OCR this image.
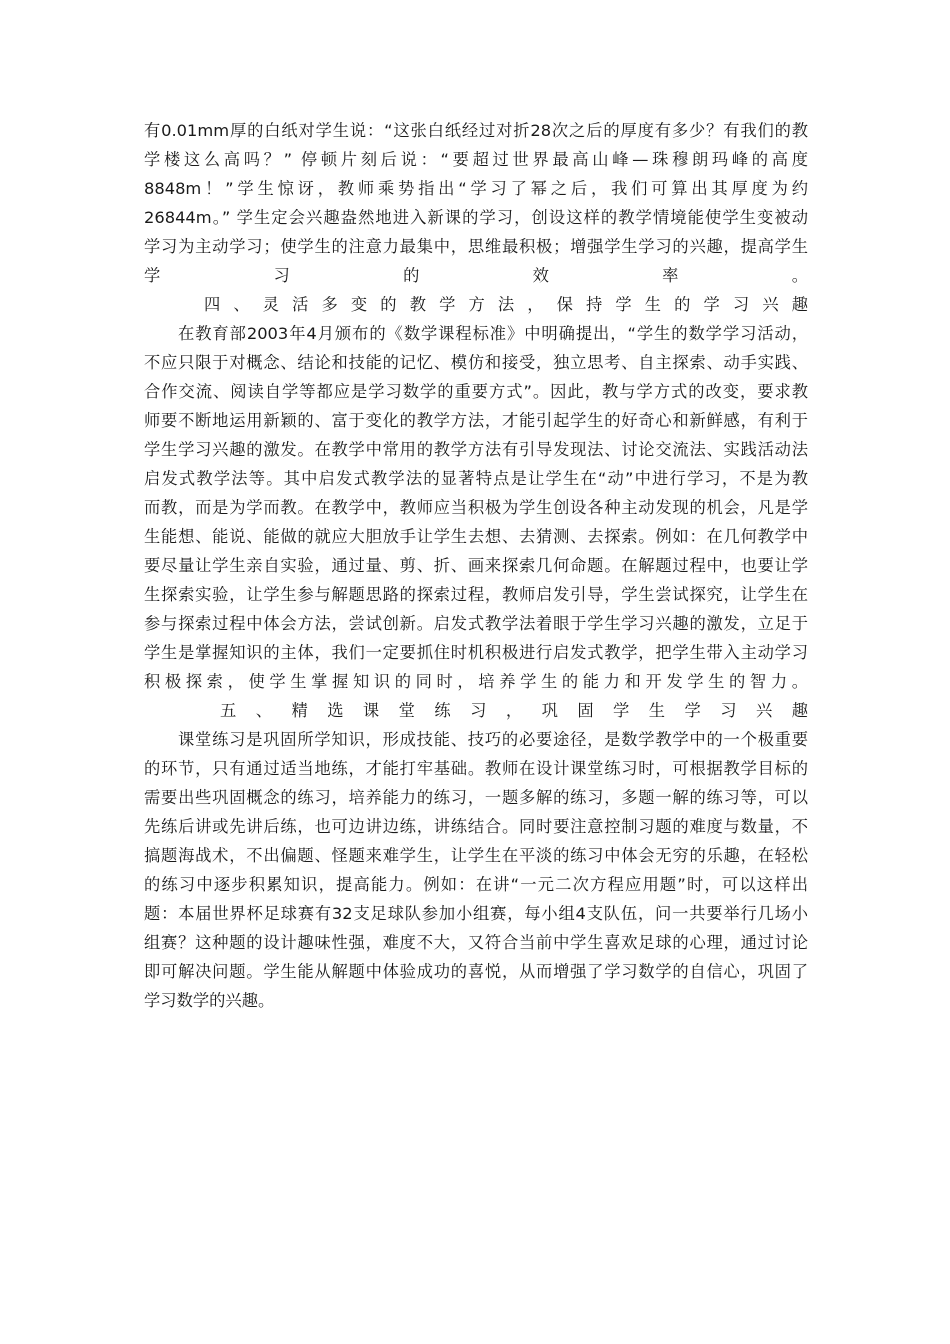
有0.01mm厚的白纸对学生说：“这张白纸经过对折28次之后的厚度有多少？有我们的教
学楼这么高吗？” 停顿片刻后说：“要超过世界最高山峰—珠穆朗玛峰的高度
8848m！”学生惊讶，教师乘势指出“学习了幂之后，我们可算出其厚度为约
26844m。” 学生定会兴趣盎然地进入新课的学习，创设这样的教学情境能使学生变被动
学习为主动学习；使学生的注意力最集中，思维最积极；增强学生学习的兴趣，提高学生
学 习 的 效 率 。
四、灵活多变的教学方法，保持学生的学习兴趣
在教育部2003年4月颁布的《数学课程标准》中明确提出，“学生的数学学习活动，
不应只限于对概念、结论和技能的记忆、模仿和接受，独立思考、自主探索、动手实践、
合作交流、阅读自学等都应是学习数学的重要方式”。因此，教与学方式的改变，要求教
师要不断地运用新颖的、富于变化的教学方法，才能引起学生的好奇心和新鲜感，有利于
学生学习兴趣的激发。在教学中常用的教学方法有引导发现法、讨论交流法、实践活动法
启发式教学法等。其中启发式教学法的显著特点是让学生在“动”中进行学习，不是为教
而教，而是为学而教。在教学中，教师应当积极为学生创设各种主动发现的机会，凡是学
生能想、能说、能做的就应大胆放手让学生去想、去猜测、去探索。例如：在几何教学中
要尽量让学生亲自实验，通过量、剪、折、画来探索几何命题。在解题过程中，也要让学
生探索实验，让学生参与解题思路的探索过程，教师启发引导，学生尝试探究，让学生在
参与探索过程中体会方法，尝试创新。启发式教学法着眼于学生学习兴趣的激发，立足于
学生是掌握知识的主体，我们一定要抓住时机积极进行启发式教学，把学生带入主动学习
积极探索，使学生掌握知识的同时，培养学生的能力和开发学生的智力。
五、精选课堂练习，巩固学生学习兴趣
课堂练习是巩固所学知识，形成技能、技巧的必要途径，是数学教学中的一个极重要
的环节，只有通过适当地练，才能打牢基础。教师在设计课堂练习时，可根据教学目标的
需要出些巩固概念的练习，培养能力的练习，一题多解的练习，多题一解的练习等，可以
先练后讲或先讲后练，也可边讲边练，讲练结合。同时要注意控制习题的难度与数量，不
搞题海战术，不出偏题、怪题来难学生，让学生在平淡的练习中体会无穷的乐趣，在轻松
的练习中逐步积累知识，提高能力。例如：在讲“一元二次方程应用题”时，可以这样出
题：本届世界杯足球赛有32支足球队参加小组赛，每小组4支队伍，问一共要举行几场小
组赛？这种题的设计趣味性强，难度不大，又符合当前中学生喜欢足球的心理，通过讨论
即可解决问题。学生能从解题中体验成功的喜悦，从而增强了学习数学的自信心，巩固了
学习数学的兴趣。
